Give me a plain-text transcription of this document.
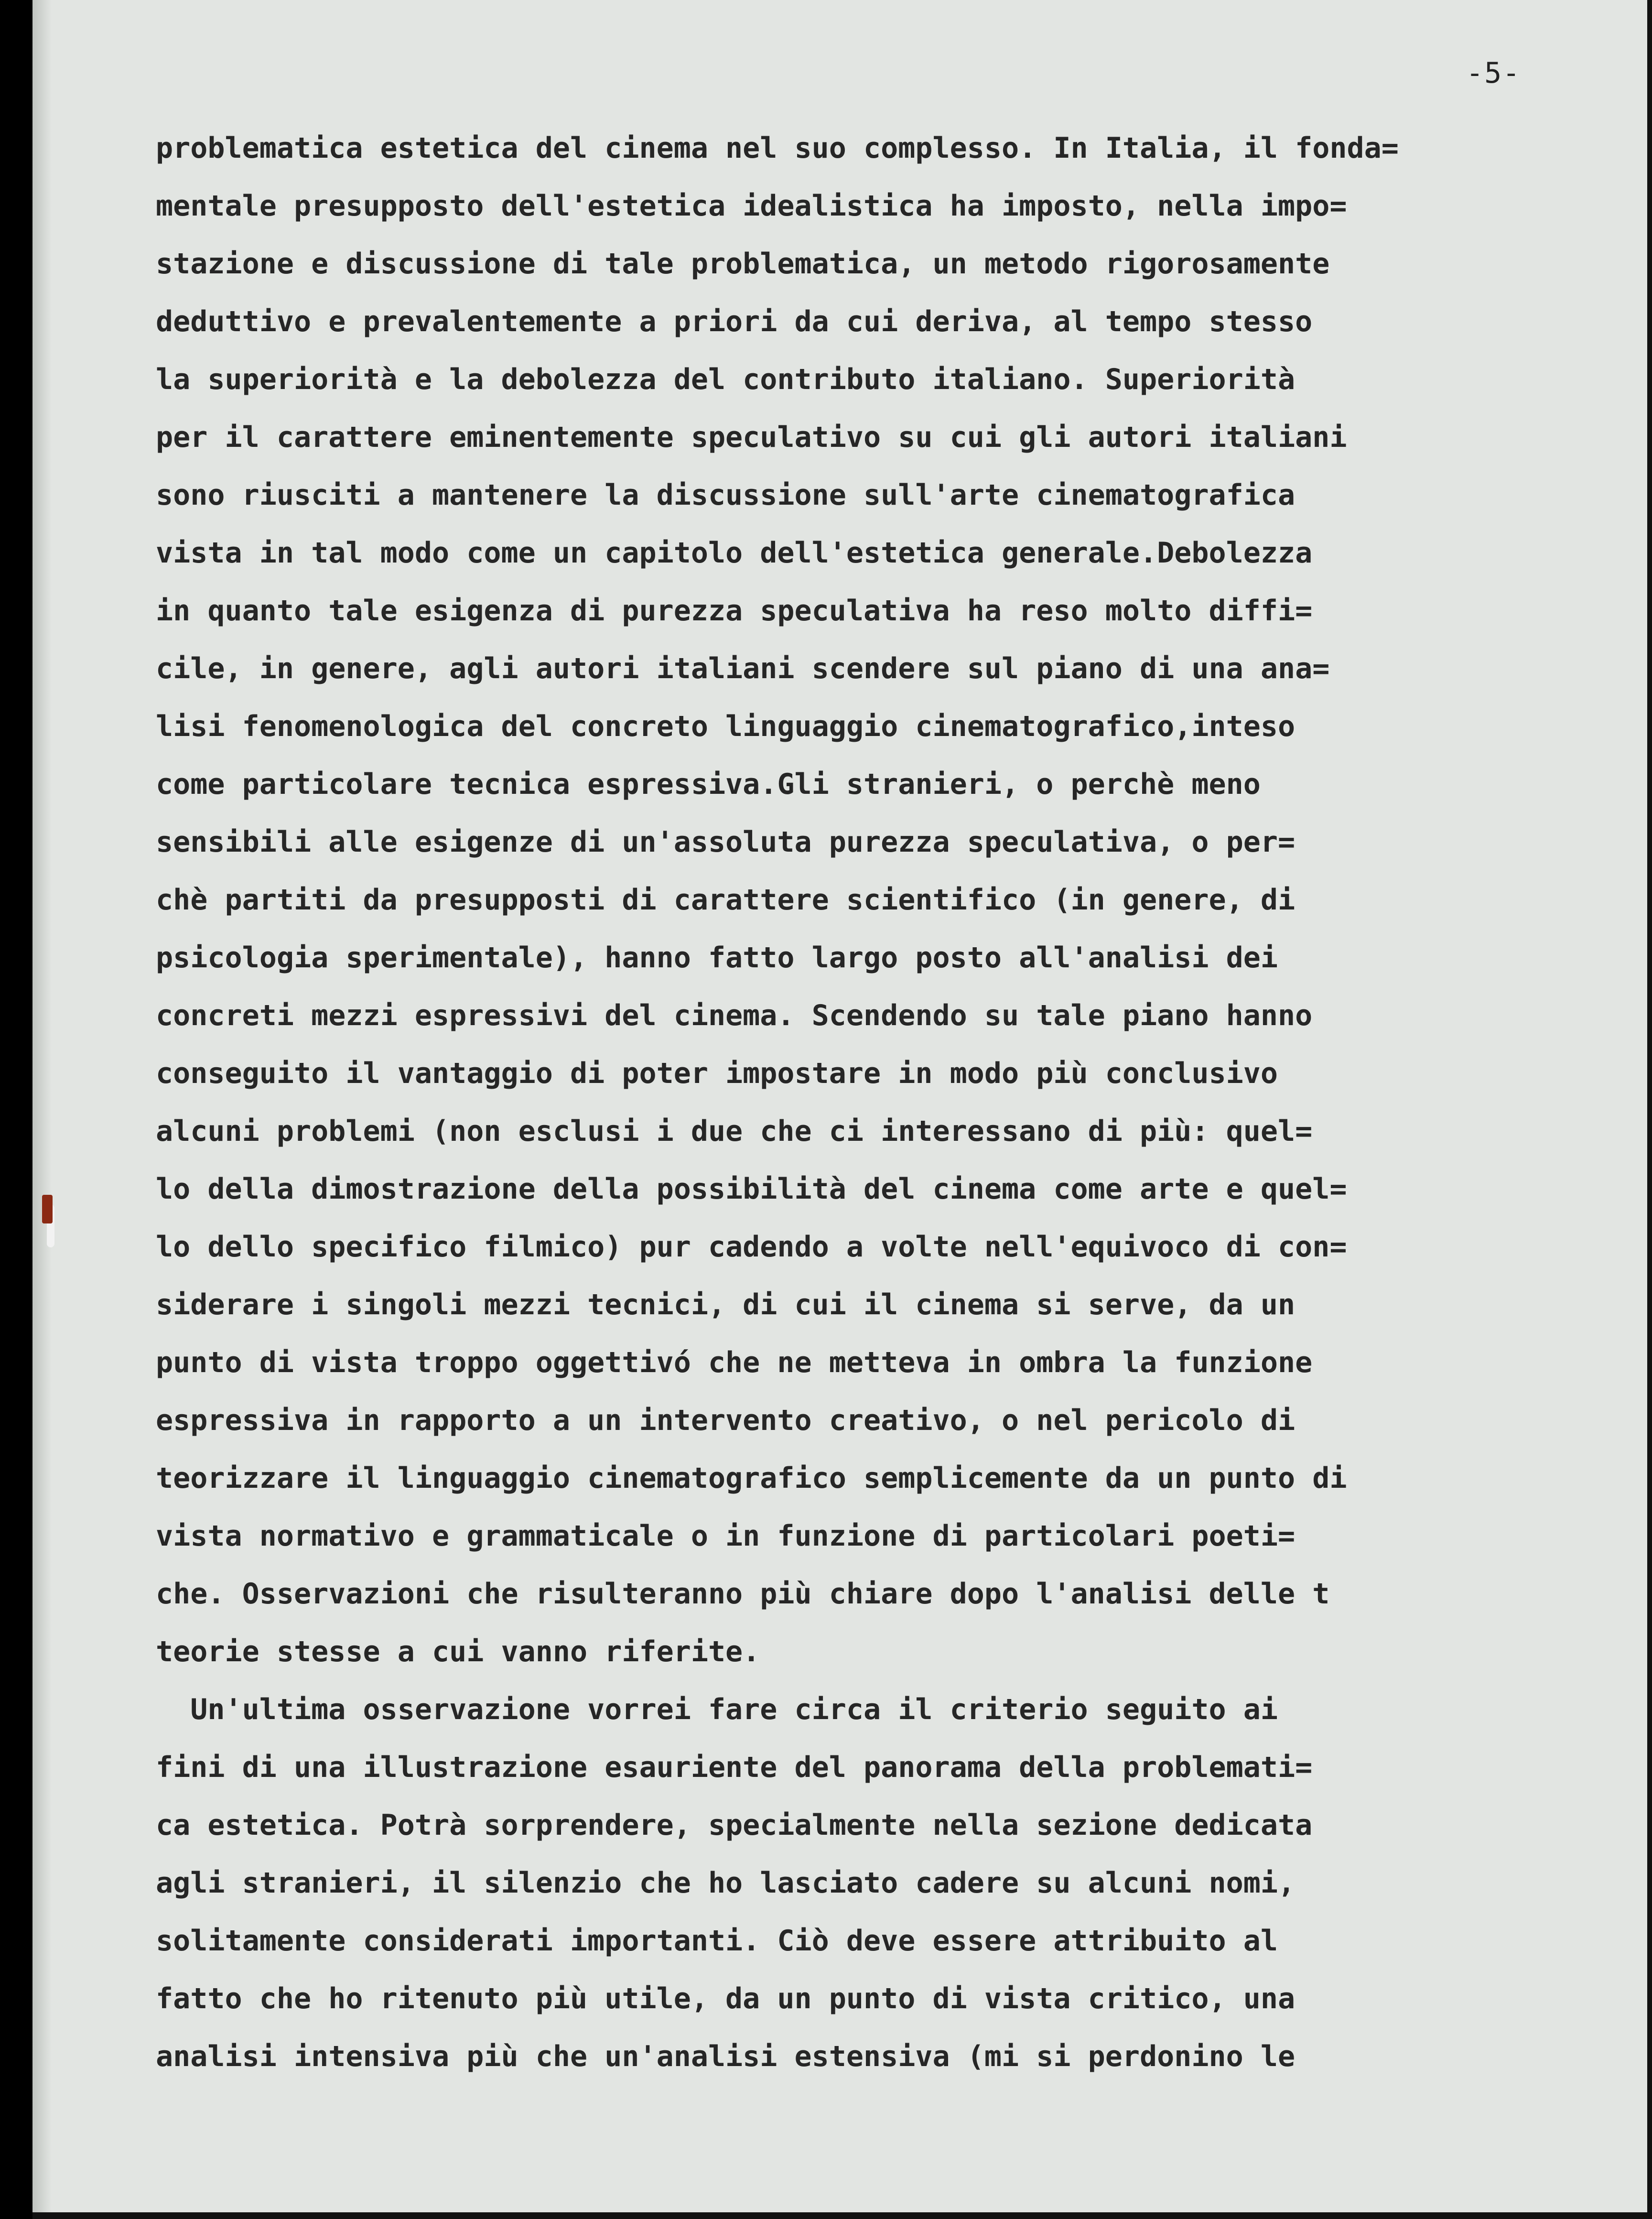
-5-
problematica estetica del cinema nel suo complesso. In Italia, il fonda=
mentale presupposto dell'estetica idealistica ha imposto, nella impo=
stazione e discussione di tale problematica, un metodo rigorosamente
deduttivo e prevalentemente a priori da cui deriva, al tempo stesso
la superiorità e la debolezza del contributo italiano. Superiorità
per il carattere eminentemente speculativo su cui gli autori italiani
sono riusciti a mantenere la discussione sull'arte cinematografica
vista in tal modo come un capitolo dell'estetica generale.Debolezza
in quanto tale esigenza di purezza speculativa ha reso molto diffi=
cile, in genere, agli autori italiani scendere sul piano di una ana=
lisi fenomenologica del concreto linguaggio cinematografico,inteso
come particolare tecnica espressiva.Gli stranieri, o perchè meno
sensibili alle esigenze di un'assoluta purezza speculativa, o per=
chè partiti da presupposti di carattere scientifico (in genere, di
psicologia sperimentale), hanno fatto largo posto all'analisi dei
concreti mezzi espressivi del cinema. Scendendo su tale piano hanno
conseguito il vantaggio di poter impostare in modo più conclusivo
alcuni problemi (non esclusi i due che ci interessano di più: quel=
lo della dimostrazione della possibilità del cinema come arte e quel=
lo dello specifico filmico) pur cadendo a volte nell'equivoco di con=
siderare i singoli mezzi tecnici, di cui il cinema si serve, da un
punto di vista troppo oggettivó che ne metteva in ombra la funzione
espressiva in rapporto a un intervento creativo, o nel pericolo di
teorizzare il linguaggio cinematografico semplicemente da un punto di
vista normativo e grammaticale o in funzione di particolari poeti=
che. Osservazioni che risulteranno più chiare dopo l'analisi delle t
teorie stesse a cui vanno riferite.
Un'ultima osservazione vorrei fare circa il criterio seguito ai
fini di una illustrazione esauriente del panorama della problemati=
ca estetica. Potrà sorprendere, specialmente nella sezione dedicata
agli stranieri, il silenzio che ho lasciato cadere su alcuni nomi,
solitamente considerati importanti. Ciò deve essere attribuito al
fatto che ho ritenuto più utile, da un punto di vista critico, una
analisi intensiva più che un'analisi estensiva (mi si perdonino le
